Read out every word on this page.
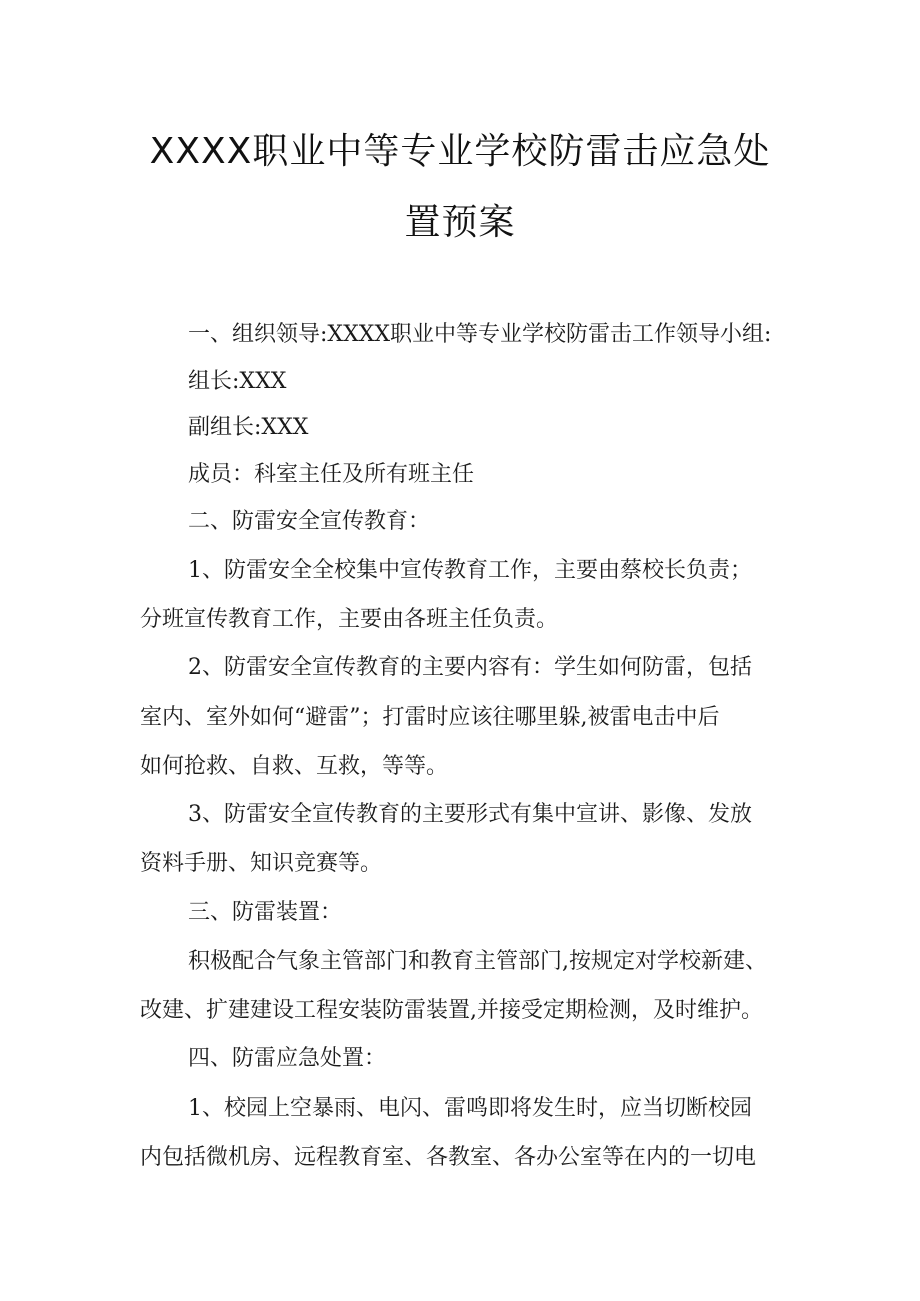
XXXX职业中等专业学校防雷击应急处
置预案
一、组织领导:XXXX职业中等专业学校防雷击工作领导小组:
组长:XXX
副组长:XXX
成员：科室主任及所有班主任
二、防雷安全宣传教育：
1、防雷安全全校集中宣传教育工作，主要由蔡校长负责；
分班宣传教育工作，主要由各班主任负责。
2、防雷安全宣传教育的主要内容有：学生如何防雷，包括
室内、室外如何“避雷”；打雷时应该往哪里躲,被雷电击中后
如何抢救、自救、互救，等等。
3、防雷安全宣传教育的主要形式有集中宣讲、影像、发放
资料手册、知识竞赛等。
三、防雷装置：
积极配合气象主管部门和教育主管部门,按规定对学校新建、
改建、扩建建设工程安装防雷装置,并接受定期检测，及时维护。
四、防雷应急处置：
1、校园上空暴雨、电闪、雷鸣即将发生时，应当切断校园
内包括微机房、远程教育室、各教室、各办公室等在内的一切电
